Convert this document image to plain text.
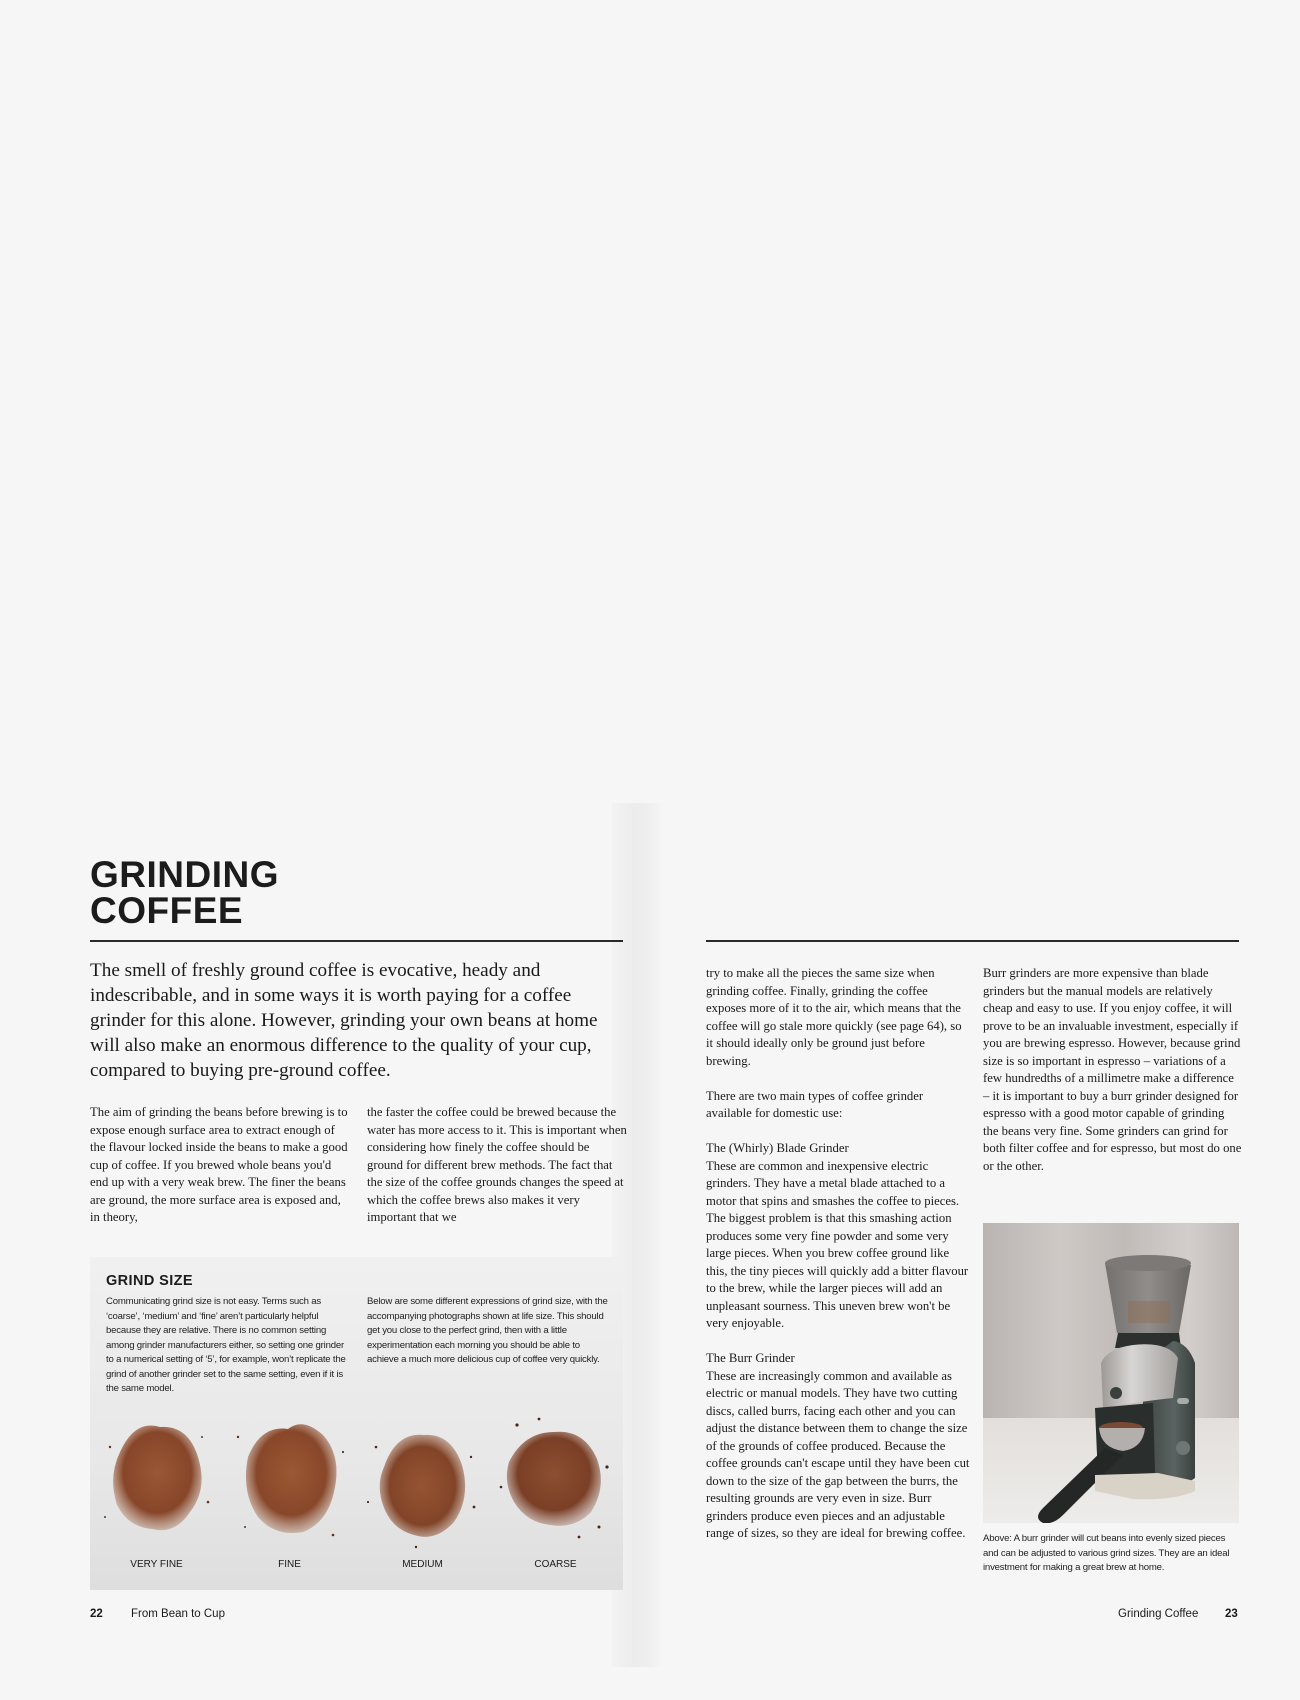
GRINDING
COFFEE

The smell of freshly ground coffee is evocative, heady and indescribable, and in some ways it is worth paying for a coffee grinder for this alone. However, grinding your own beans at home will also make an enormous difference to the quality of your cup, compared to buying pre-ground coffee.

The aim of grinding the beans before brewing is to expose enough surface area to extract enough of the flavour locked inside the beans to make a good cup of coffee. If you brewed whole beans you'd end up with a very weak brew. The finer the beans are ground, the more surface area is exposed and, in theory,

the faster the coffee could be brewed because the water has more access to it. This is important when considering how finely the coffee should be ground for different brew methods. The fact that the size of the coffee grounds changes the speed at which the coffee brews also makes it very important that we

GRIND SIZE

Communicating grind size is not easy. Terms such as ‘coarse’, ‘medium’ and ‘fine’ aren’t particularly helpful because they are relative. There is no common setting among grinder manufacturers either, so setting one grinder to a numerical setting of ‘5’, for example, won’t replicate the grind of another grinder set to the same setting, even if it is the same model.

Below are some different expressions of grind size, with the accompanying photographs shown at life size. This should get you close to the perfect grind, then with a little experimentation each morning you should be able to achieve a much more delicious cup of coffee very quickly.

VERY FINE	FINE	MEDIUM	COARSE
22 From Bean to Cup
try to make all the pieces the same size when grinding coffee. Finally, grinding the coffee exposes more of it to the air, which means that the coffee will go stale more quickly (see page 64), so it should ideally only be ground just before brewing.
There are two main types of coffee grinder available for domestic use:
The (Whirly) Blade Grinder
These are common and inexpensive electric grinders. They have a metal blade attached to a motor that spins and smashes the coffee to pieces. The biggest problem is that this smashing action produces some very fine powder and some very large pieces. When you brew coffee ground like this, the tiny pieces will quickly add a bitter flavour to the brew, while the larger pieces will add an unpleasant sourness. This uneven brew won't be very enjoyable.
The Burr Grinder
These are increasingly common and available as electric or manual models. They have two cutting discs, called burrs, facing each other and you can adjust the distance between them to change the size of the grounds of coffee produced. Because the coffee grounds can't escape until they have been cut down to the size of the gap between the burrs, the resulting grounds are very even in size. Burr grinders produce even pieces and an adjustable range of sizes, so they are ideal for brewing coffee.

Burr grinders are more expensive than blade grinders but the manual models are relatively cheap and easy to use. If you enjoy coffee, it will prove to be an invaluable investment, especially if you are brewing espresso. However, because grind size is so important in espresso – variations of a few hundredths of a millimetre make a difference – it is important to buy a burr grinder designed for espresso with a good motor capable of grinding the beans very fine. Some grinders can grind for both filter coffee and for espresso, but most do one or the other.

Above: A burr grinder will cut beans into evenly sized pieces and can be adjusted to various grind sizes. They are an ideal investment for making a great brew at home.

Grinding Coffee 23
